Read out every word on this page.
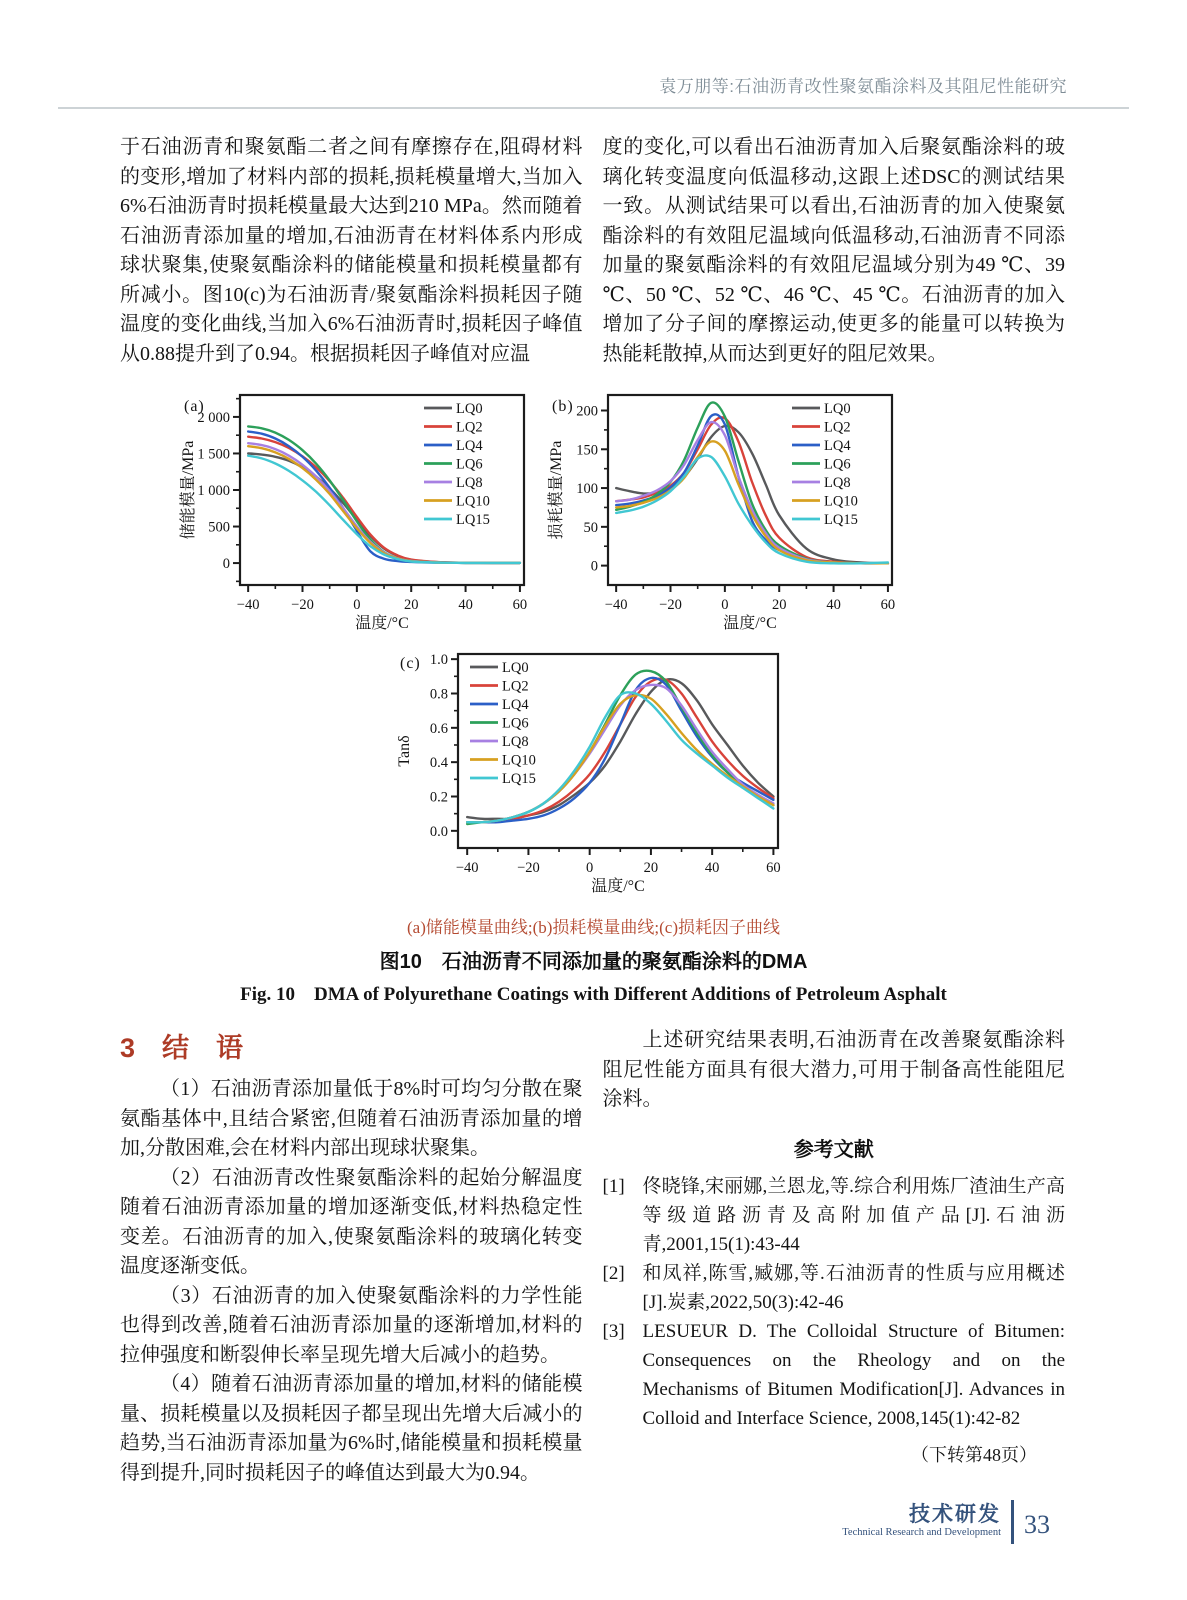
袁万朋等:石油沥青改性聚氨酯涂料及其阻尼性能研究

于石油沥青和聚氨酯二者之间有摩擦存在,阻碍材料的变形,增加了材料内部的损耗,损耗模量增大,当加入6%石油沥青时损耗模量最大达到210 MPa。然而随着石油沥青添加量的增加,石油沥青在材料体系内形成球状聚集,使聚氨酯涂料的储能模量和损耗模量都有所减小。图10(c)为石油沥青/聚氨酯涂料损耗因子随温度的变化曲线,当加入6%石油沥青时,损耗因子峰值从0.88提升到了0.94。根据损耗因子峰值对应温

度的变化,可以看出石油沥青加入后聚氨酯涂料的玻璃化转变温度向低温移动,这跟上述DSC的测试结果一致。从测试结果可以看出,石油沥青的加入使聚氨酯涂料的有效阻尼温域向低温移动,石油沥青不同添加量的聚氨酯涂料的有效阻尼温域分别为49 ℃、39 ℃、50 ℃、52 ℃、46 ℃、45 ℃。石油沥青的加入增加了分子间的摩擦运动,使更多的能量可以转换为热能耗散掉,从而达到更好的阻尼效果。

−40 −20	0	20	40	60
0
500
1 000
1 500
2 000
温度/°C
储能模量/MPa
(a)	LQ0
LQ2
LQ4
LQ6
LQ8
LQ10
LQ15
−40 −20	0	20	40	60
0
50
100
150
200
温度/°C
损耗模量/MPa
(b)	LQ0
LQ2
LQ4
LQ6
LQ8
LQ10
LQ15
−40	−20	0	20	40	60
0.0
0.2
0.4
0.6
0.8
1.0
温度/°C
Tanδ
(c)	LQ0
LQ2
LQ4
LQ6
LQ8
LQ10
LQ15
(a)储能模量曲线;(b)损耗模量曲线;(c)损耗因子曲线
图10　石油沥青不同添加量的聚氨酯涂料的DMA
Fig. 10　DMA of Polyurethane Coatings with Different Additions of Petroleum Asphalt
3　结　语

（1）石油沥青添加量低于8%时可均匀分散在聚氨酯基体中,且结合紧密,但随着石油沥青添加量的增加,分散困难,会在材料内部出现球状聚集。

（2）石油沥青改性聚氨酯涂料的起始分解温度随着石油沥青添加量的增加逐渐变低,材料热稳定性变差。石油沥青的加入,使聚氨酯涂料的玻璃化转变温度逐渐变低。

（3）石油沥青的加入使聚氨酯涂料的力学性能也得到改善,随着石油沥青添加量的逐渐增加,材料的拉伸强度和断裂伸长率呈现先增大后减小的趋势。

（4）随着石油沥青添加量的增加,材料的储能模量、损耗模量以及损耗因子都呈现出先增大后减小的趋势,当石油沥青添加量为6%时,储能模量和损耗模量得到提升,同时损耗因子的峰值达到最大为0.94。

上述研究结果表明,石油沥青在改善聚氨酯涂料阻尼性能方面具有很大潜力,可用于制备高性能阻尼涂料。

参考文献
[1] 佟晓锋,宋丽娜,兰恩龙,等.综合利用炼厂渣油生产高等级道路沥青及高附加值产品[J].石油沥青,2001,15(1):43-44
[2] 和凤祥,陈雪,臧娜,等.石油沥青的性质与应用概述[J].炭素,2022,50(3):42-46
[3] LESUEUR D. The Colloidal Structure of Bitumen: Consequences on the Rheology and on the Mechanisms of Bitumen Modification[J]. Advances in Colloid and Interface Science, 2008,145(1):42-82
（下转第48页）
技术研发
Technical Research and Development 33
